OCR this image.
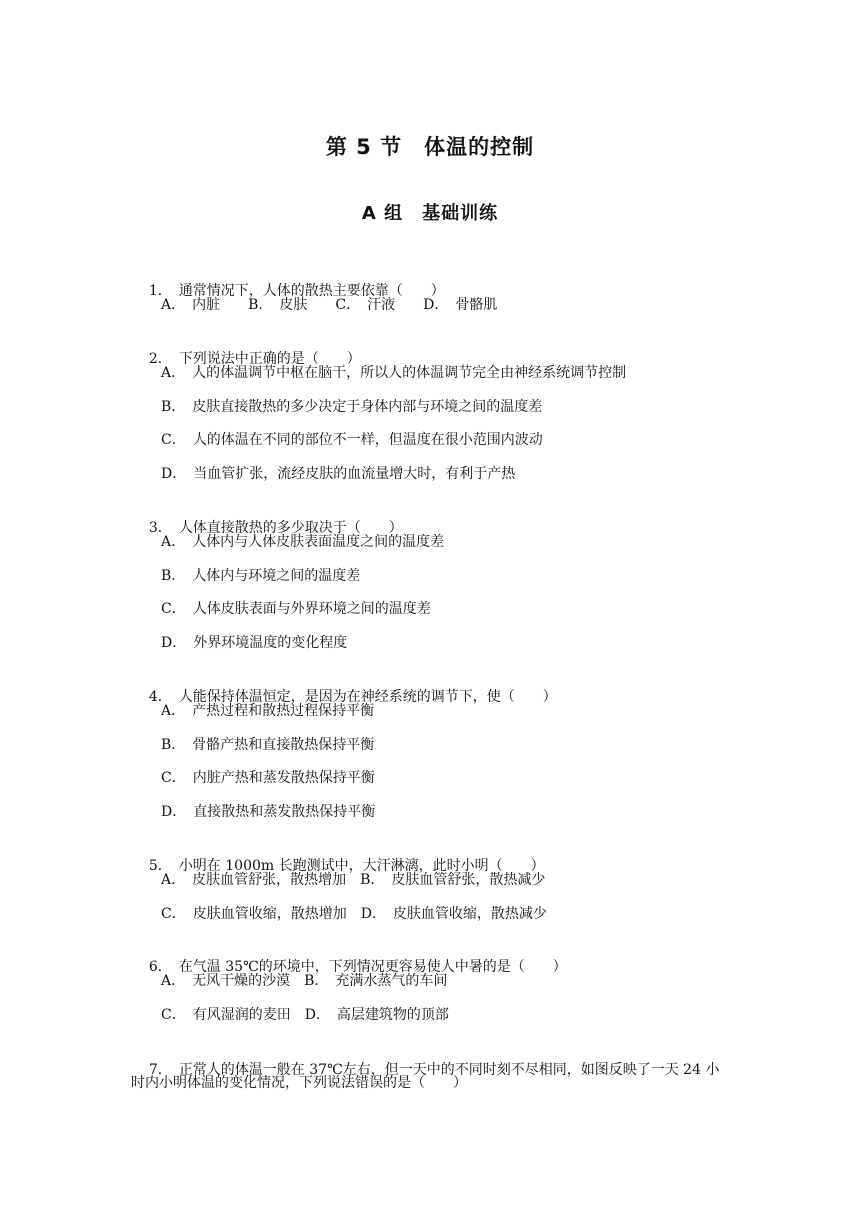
第 5 节　体温的控制
A 组　基础训练

1． 通常情况下，人体的散热主要依靠（　　）

A．　内脏　　B．　皮肤　　C．　汗液　　D．　骨骼肌

2． 下列说法中正确的是（　　）

A．　人的体温调节中枢在脑干，所以人的体温调节完全由神经系统调节控制
B．　皮肤直接散热的多少决定于身体内部与环境之间的温度差
C．　人的体温在不同的部位不一样，但温度在很小范围内波动
D．　当血管扩张，流经皮肤的血流量增大时，有利于产热

3． 人体直接散热的多少取决于（　　）

A．　人体内与人体皮肤表面温度之间的温度差
B．　人体内与环境之间的温度差
C．　人体皮肤表面与外界环境之间的温度差
D．　外界环境温度的变化程度

4． 人能保持体温恒定，是因为在神经系统的调节下，使（　　）

A．　产热过程和散热过程保持平衡
B．　骨骼产热和直接散热保持平衡
C．　内脏产热和蒸发散热保持平衡
D．　直接散热和蒸发散热保持平衡

5． 小明在 1000m 长跑测试中，大汗淋漓，此时小明（　　）

A．　皮肤血管舒张，散热增加　B．　皮肤血管舒张，散热减少
C．　皮肤血管收缩，散热增加　D．　皮肤血管收缩，散热减少

6． 在气温 35℃的环境中，下列情况更容易使人中暑的是（　　）

A．　无风干燥的沙漠　B．　充满水蒸气的车间
C．　有风湿润的麦田　D．　高层建筑物的顶部

7． 正常人的体温一般在 37℃左右，但一天中的不同时刻不尽相同，如图反映了一天 24 小

时内小明体温的变化情况，下列说法错误的是（　　）
